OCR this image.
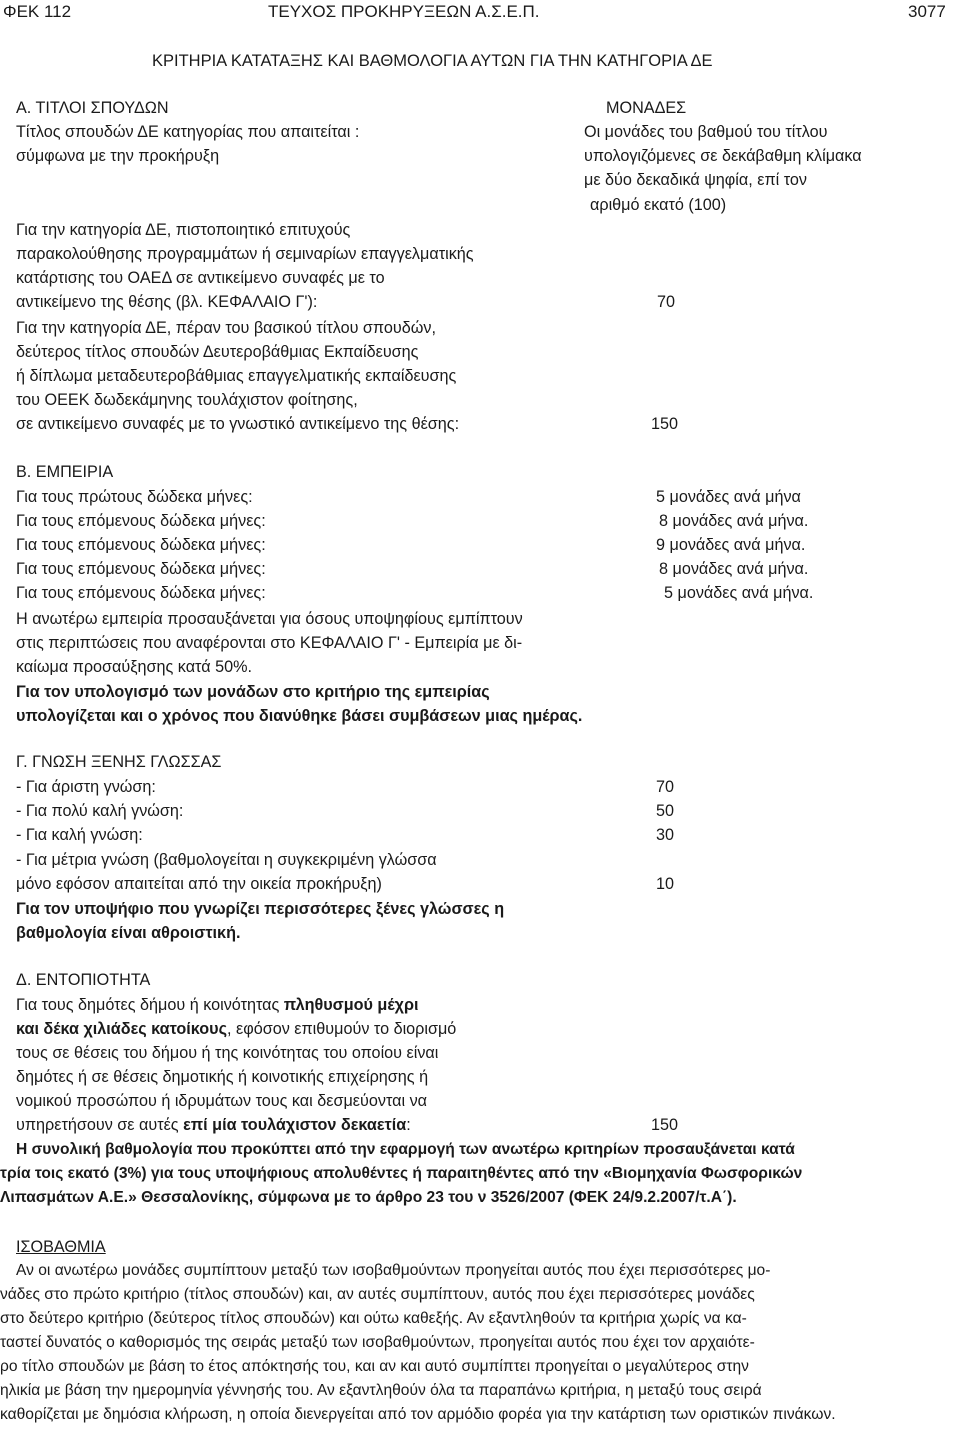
ΦΕΚ 112	ΤΕΥΧΟΣ ΠΡΟΚΗΡΥΞΕΩΝ Α.Σ.Ε.Π.	3077
ΚΡΙΤΗΡΙΑ ΚΑΤΑΤΑΞΗΣ ΚΑΙ ΒΑΘΜΟΛΟΓΙΑ ΑΥΤΩΝ ΓΙΑ ΤΗΝ ΚΑΤΗΓΟΡΙΑ ΔΕ
Α. ΤΙΤΛΟΙ ΣΠΟΥΔΩΝ	ΜΟΝΑΔΕΣ
Τίτλος σπουδών ΔΕ κατηγορίας που απαιτείται :
σύμφωνα με την προκήρυξη
Οι μονάδες του βαθμού του τίτλου
υπολογιζόμενες σε δεκάβαθμη κλίμακα
με δύο δεκαδικά ψηφία, επί τον
αριθμό εκατό (100)
Για την κατηγορία ΔΕ, πιστοποιητικό επιτυχούς
παρακολούθησης προγραμμάτων ή σεμιναρίων επαγγελματικής
κατάρτισης του ΟΑΕΔ σε αντικείμενο συναφές με το
αντικείμενο της θέσης (βλ. ΚΕΦΑΛΑΙΟ Γ'):	70
Για την κατηγορία ΔΕ, πέραν του βασικού τίτλου σπουδών,
δεύτερος τίτλος σπουδών Δευτεροβάθμιας Εκπαίδευσης
ή δίπλωμα μεταδευτεροβάθμιας επαγγελματικής εκπαίδευσης
του ΟΕΕΚ δωδεκάμηνης τουλάχιστον φοίτησης,
σε αντικείμενο συναφές με το γνωστικό αντικείμενο της θέσης:	150
Β. ΕΜΠΕΙΡΙΑ
Για τους πρώτους δώδεκα μήνες:	5 μονάδες ανά μήνα
Για τους επόμενους δώδεκα μήνες:	8 μονάδες ανά μήνα.
Για τους επόμενους δώδεκα μήνες:	9 μονάδες ανά μήνα.
Για τους επόμενους δώδεκα μήνες:	8 μονάδες ανά μήνα.
Για τους επόμενους δώδεκα μήνες:	5 μονάδες ανά μήνα.
Η ανωτέρω εμπειρία προσαυξάνεται για όσους υποψηφίους εμπίπτουν
στις περιπτώσεις που αναφέρονται στο ΚΕΦΑΛΑΙΟ Γ' - Εμπειρία με δι-
καίωμα προσαύξησης κατά 50%.
Για τον υπολογισμό των μονάδων στο κριτήριο της εμπειρίας
υπολογίζεται και ο χρόνος που διανύθηκε βάσει συμβάσεων μιας ημέρας.
Γ. ΓΝΩΣΗ ΞΕΝΗΣ ΓΛΩΣΣΑΣ
- Για άριστη γνώση:	70
- Για πολύ καλή γνώση:	50
- Για καλή γνώση:	30
- Για μέτρια γνώση (βαθμολογείται η συγκεκριμένη γλώσσα
μόνο εφόσον απαιτείται από την οικεία προκήρυξη)	10
Για τον υποψήφιο που γνωρίζει περισσότερες ξένες γλώσσες η
βαθμολογία είναι αθροιστική.
Δ. ΕΝΤΟΠΙΟΤΗΤΑ
Για τους δημότες δήμου ή κοινότητας πληθυσμού μέχρι
και δέκα χιλιάδες κατοίκους, εφόσον επιθυμούν το διορισμό
τους σε θέσεις του δήμου ή της κοινότητας του οποίου είναι
δημότες ή σε θέσεις δημοτικής ή κοινοτικής επιχείρησης ή
νομικού προσώπου ή ιδρυμάτων τους και δεσμεύονται να
υπηρετήσουν σε αυτές επί μία τουλάχιστον δεκαετία:	150
Η συνολική βαθμολογία που προκύπτει από την εφαρμογή των ανωτέρω κριτηρίων προσαυξάνεται κατά
τρία τοις εκατό (3%) για τους υποψήφιους απολυθέντες ή παραιτηθέντες από την «Βιομηχανία Φωσφορικών
Λιπασμάτων Α.Ε.» Θεσσαλονίκης, σύμφωνα με το άρθρο 23 του ν 3526/2007 (ΦΕΚ 24/9.2.2007/τ.Α΄).
ΙΣΟΒΑΘΜΙΑ
Αν οι ανωτέρω μονάδες συμπίπτουν μεταξύ των ισοβαθμούντων προηγείται αυτός που έχει περισσότερες μο-
νάδες στο πρώτο κριτήριο (τίτλος σπουδών) και, αν αυτές συμπίπτουν, αυτός που έχει περισσότερες μονάδες
στο δεύτερο κριτήριο (δεύτερος τίτλος σπουδών) και ούτω καθεξής. Αν εξαντληθούν τα κριτήρια χωρίς να κα-
ταστεί δυνατός ο καθορισμός της σειράς μεταξύ των ισοβαθμούντων, προηγείται αυτός που έχει τον αρχαιότε-
ρο τίτλο σπουδών με βάση το έτος απόκτησής του, και αν και αυτό συμπίπτει προηγείται ο μεγαλύτερος στην
ηλικία με βάση την ημερομηνία γέννησής του. Αν εξαντληθούν όλα τα παραπάνω κριτήρια, η μεταξύ τους σειρά
καθορίζεται με δημόσια κλήρωση, η οποία διενεργείται από τον αρμόδιο φορέα για την κατάρτιση των οριστικών πινάκων.
